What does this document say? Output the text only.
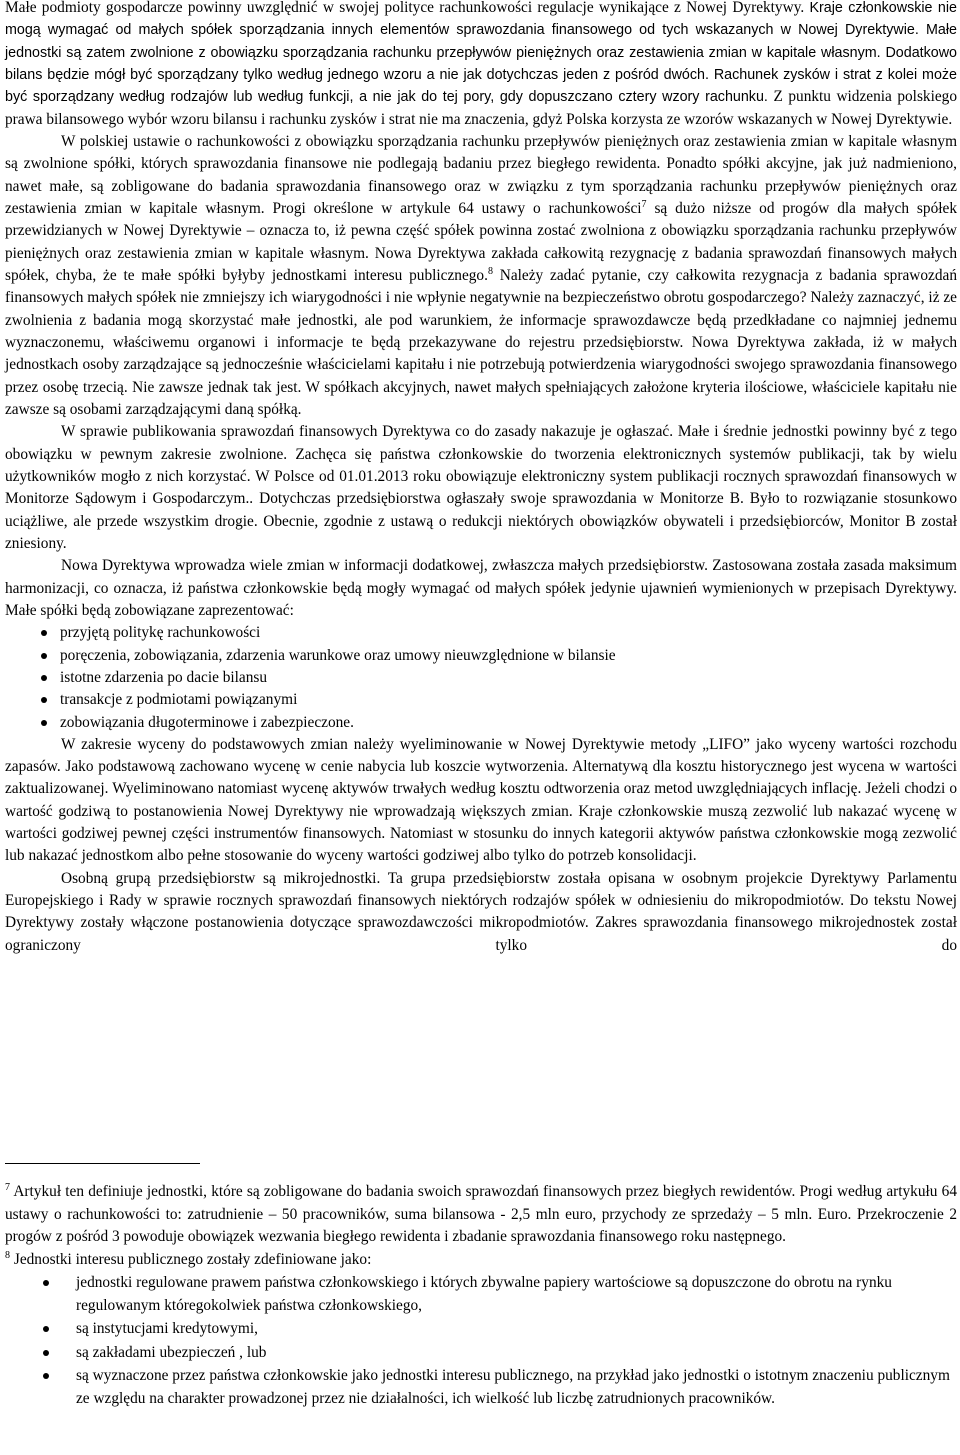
Małe podmioty gospodarcze powinny uwzględnić w swojej polityce rachunkowości regulacje wynikające z Nowej Dyrektywy. Kraje członkowskie nie mogą wymagać od małych spółek sporządzania innych elementów sprawozdania finansowego od tych wskazanych w Nowej Dyrektywie. Małe jednostki są zatem zwolnione z obowiązku sporządzania rachunku przepływów pieniężnych oraz zestawienia zmian w kapitale własnym. Dodatkowo bilans będzie mógł być sporządzany tylko według jednego wzoru a nie jak dotychczas jeden z pośród dwóch. Rachunek zysków i strat z kolei może być sporządzany według rodzajów lub według funkcji, a nie jak do tej pory, gdy dopuszczano cztery wzory rachunku. Z punktu widzenia polskiego prawa bilansowego wybór wzoru bilansu i rachunku zysków i strat nie ma znaczenia, gdyż Polska korzysta ze wzorów wskazanych w Nowej Dyrektywie.

W polskiej ustawie o rachunkowości z obowiązku sporządzania rachunku przepływów pieniężnych oraz zestawienia zmian w kapitale własnym są zwolnione spółki, których sprawozdania finansowe nie podlegają badaniu przez biegłego rewidenta. Ponadto spółki akcyjne, jak już nadmieniono, nawet małe, są zobligowane do badania sprawozdania finansowego oraz w związku z tym sporządzania rachunku przepływów pieniężnych oraz zestawienia zmian w kapitale własnym. Progi określone w artykule 64 ustawy o rachunkowości$^7$ są dużo niższe od progów dla małych spółek przewidzianych w Nowej Dyrektywie – oznacza to, iż pewna część spółek powinna zostać zwolniona z obowiązku sporządzania rachunku przepływów pieniężnych oraz zestawienia zmian w kapitale własnym. Nowa Dyrektywa zakłada całkowitą rezygnację z badania sprawozdań finansowych małych spółek, chyba, że te małe spółki byłyby jednostkami interesu publicznego.$^8$ Należy zadać pytanie, czy całkowita rezygnacja z badania sprawozdań finansowych małych spółek nie zmniejszy ich wiarygodności i nie wpłynie negatywnie na bezpieczeństwo obrotu gospodarczego? Należy zaznaczyć, iż ze zwolnienia z badania mogą skorzystać małe jednostki, ale pod warunkiem, że informacje sprawozdawcze będą przedkładane co najmniej jednemu wyznaczonemu, właściwemu organowi i informacje te będą przekazywane do rejestru przedsiębiorstw. Nowa Dyrektywa zakłada, iż w małych jednostkach osoby zarządzające są jednocześnie właścicielami kapitału i nie potrzebują potwierdzenia wiarygodności swojego sprawozdania finansowego przez osobę trzecią. Nie zawsze jednak tak jest. W spółkach akcyjnych, nawet małych spełniających założone kryteria ilościowe, właściciele kapitału nie zawsze są osobami zarządzającymi daną spółką.

W sprawie publikowania sprawozdań finansowych Dyrektywa co do zasady nakazuje je ogłaszać. Małe i średnie jednostki powinny być z tego obowiązku w pewnym zakresie zwolnione. Zachęca się państwa członkowskie do tworzenia elektronicznych systemów publikacji, tak by wielu użytkowników mogło z nich korzystać. W Polsce od 01.01.2013 roku obowiązuje elektroniczny system publikacji rocznych sprawozdań finansowych w Monitorze Sądowym i Gospodarczym.. Dotychczas przedsiębiorstwa ogłaszały swoje sprawozdania w Monitorze B. Było to rozwiązanie stosunkowo uciążliwe, ale przede wszystkim drogie. Obecnie, zgodnie z ustawą o redukcji niektórych obowiązków obywateli i przedsiębiorców, Monitor B został zniesiony.

Nowa Dyrektywa wprowadza wiele zmian w informacji dodatkowej, zwłaszcza małych przedsiębiorstw. Zastosowana została zasada maksimum harmonizacji, co oznacza, iż państwa członkowskie będą mogły wymagać od małych spółek jedynie ujawnień wymienionych w przepisach Dyrektywy. Małe spółki będą zobowiązane zaprezentować:

przyjętą politykę rachunkowości
poręczenia, zobowiązania, zdarzenia warunkowe oraz umowy nieuwzględnione w bilansie
istotne zdarzenia po dacie bilansu
transakcje z podmiotami powiązanymi
zobowiązania długoterminowe i zabezpieczone.

W zakresie wyceny do podstawowych zmian należy wyeliminowanie w Nowej Dyrektywie metody „LIFO” jako wyceny wartości rozchodu zapasów. Jako podstawową zachowano wycenę w cenie nabycia lub koszcie wytworzenia. Alternatywą dla kosztu historycznego jest wycena w wartości zaktualizowanej. Wyeliminowano natomiast wycenę aktywów trwałych według kosztu odtworzenia oraz metod uwzględniających inflację. Jeżeli chodzi o wartość godziwą to postanowienia Nowej Dyrektywy nie wprowadzają większych zmian. Kraje członkowskie muszą zezwolić lub nakazać wycenę w wartości godziwej pewnej części instrumentów finansowych. Natomiast w stosunku do innych kategorii aktywów państwa członkowskie mogą zezwolić lub nakazać jednostkom albo pełne stosowanie do wyceny wartości godziwej albo tylko do potrzeb konsolidacji.

Osobną grupą przedsiębiorstw są mikrojednostki. Ta grupa przedsiębiorstw została opisana w osobnym projekcie Dyrektywy Parlamentu Europejskiego i Rady w sprawie rocznych sprawozdań finansowych niektórych rodzajów spółek w odniesieniu do mikropodmiotów. Do tekstu Nowej Dyrektywy zostały włączone postanowienia dotyczące sprawozdawczości mikropodmiotów. Zakres sprawozdania finansowego mikrojednostek został ograniczony tylko do

$^7$ Artykuł ten definiuje jednostki, które są zobligowane do badania swoich sprawozdań finansowych przez biegłych rewidentów. Progi według artykułu 64 ustawy o rachunkowości to: zatrudnienie – 50 pracowników, suma bilansowa - 2,5 mln euro, przychody ze sprzedaży – 5 mln. Euro. Przekroczenie 2 progów z pośród 3 powoduje obowiązek wezwania biegłego rewidenta i zbadanie sprawozdania finansowego roku następnego.

$^8$ Jednostki interesu publicznego zostały zdefiniowane jako:

jednostki regulowane prawem państwa członkowskiego i których zbywalne papiery wartościowe są dopuszczone do obrotu na rynku regulowanym któregokolwiek państwa członkowskiego,
są instytucjami kredytowymi,
są zakładami ubezpieczeń , lub
są wyznaczone przez państwa członkowskie jako jednostki interesu publicznego, na przykład jako jednostki o istotnym znaczeniu publicznym ze względu na charakter prowadzonej przez nie działalności, ich wielkość lub liczbę zatrudnionych pracowników.
